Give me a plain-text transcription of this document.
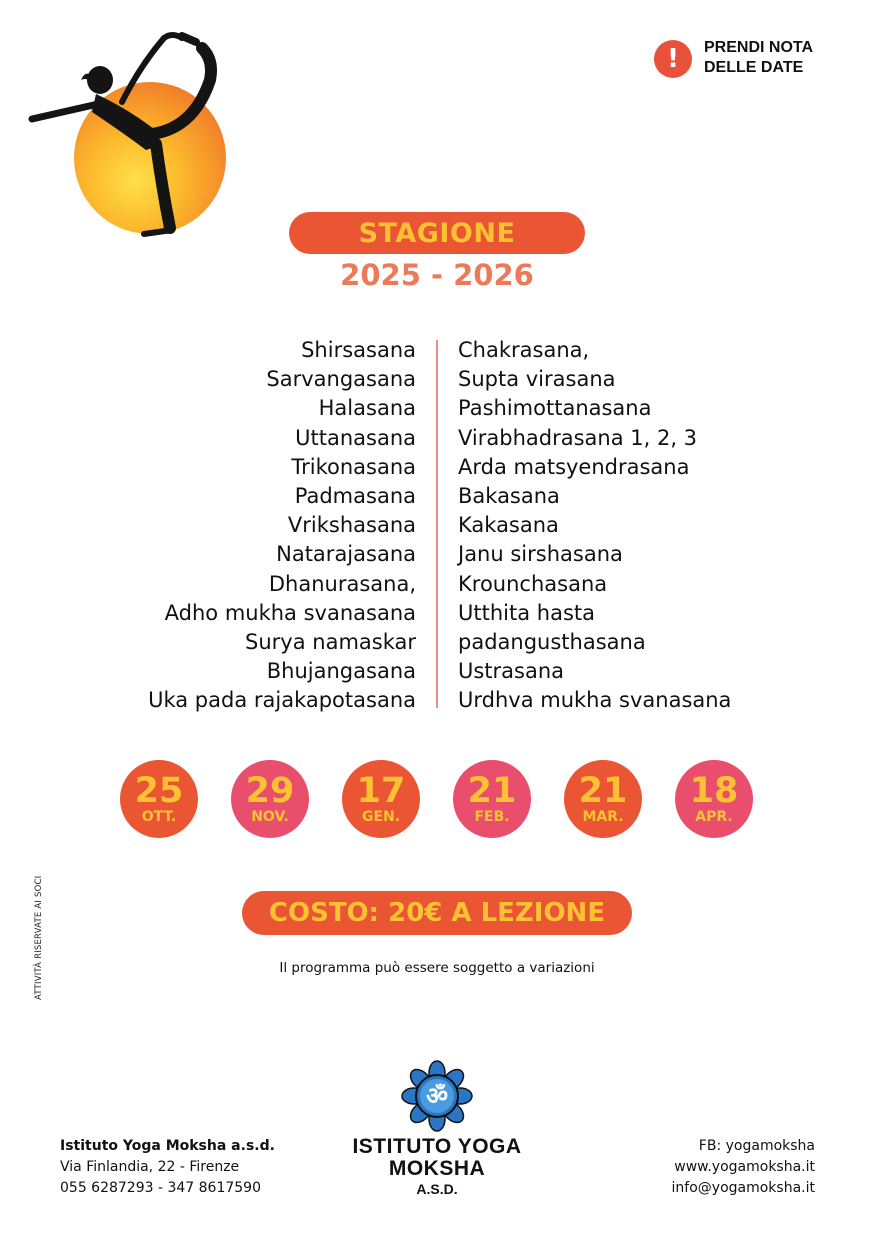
!	PRENDI NOTA
DELLE DATE
STAGIONE
2025 - 2026
Shirsasana
Sarvangasana
Halasana
Uttanasana
Trikonasana
Padmasana
Vrikshasana
Natarajasana
Dhanurasana,
Adho mukha svanasana
Surya namaskar
Bhujangasana
Uka pada rajakapotasana
Chakrasana,
Supta virasana
Pashimottanasana
Virabhadrasana 1, 2, 3
Arda matsyendrasana
Bakasana
Kakasana
Janu sirshasana
Krounchasana
Utthita hasta
padangusthasana
Ustrasana
Urdhva mukha svanasana
25
OTT.
29
NOV.
17
GEN.
21
FEB.
21
MAR.
18
APR.
COSTO: 20€ A LEZIONE
Il programma può essere soggetto a variazioni
ATTIVITÀ RISERVATE AI SOCI
Istituto Yoga Moksha a.s.d.
Via Finlandia, 22 - Firenze
055 6287293 - 347 8617590
ॐ
ISTITUTO YOGA
MOKSHA
A.S.D.
FB: yogamoksha
www.yogamoksha.it
info@yogamoksha.it
